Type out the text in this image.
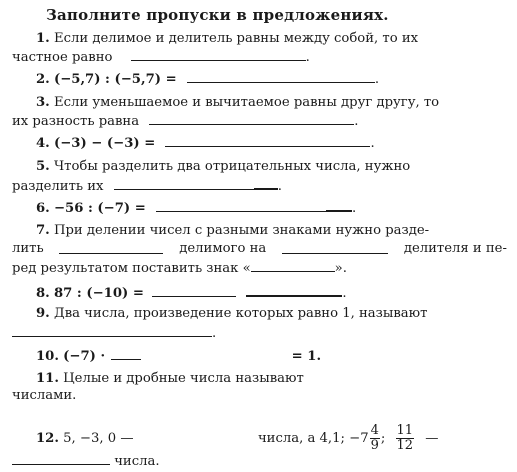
Заполните пропуски в предложениях.
1. Если делимое и делитель равны между собой, то их
частное равно	.
2. (−5,7) : (−5,7) =	.
3. Если уменьшаемое и вычитаемое равны друг другу, то
их разность равна	.
4. (−3) − (−3) =	.
5. Чтобы разделить два отрицательных числа, нужно
разделить их	.
6. −56 : (−7) =	.
7. При делении чисел с разными знаками нужно разде-
лить	делимого на	делителя и пе-
ред результатом поставить знак «	».
8. 87 : (−10) =	.
9. Два числа, произведение которых равно 1, называют
.
10. (−7) ·	= 1.
11. Целые и дробные числа называют
числами.
12. 5, −3, 0 —	числа, а 4,1; $-7 \frac{4}{9}$ ; $\frac{11}{12}$ —
числа.
